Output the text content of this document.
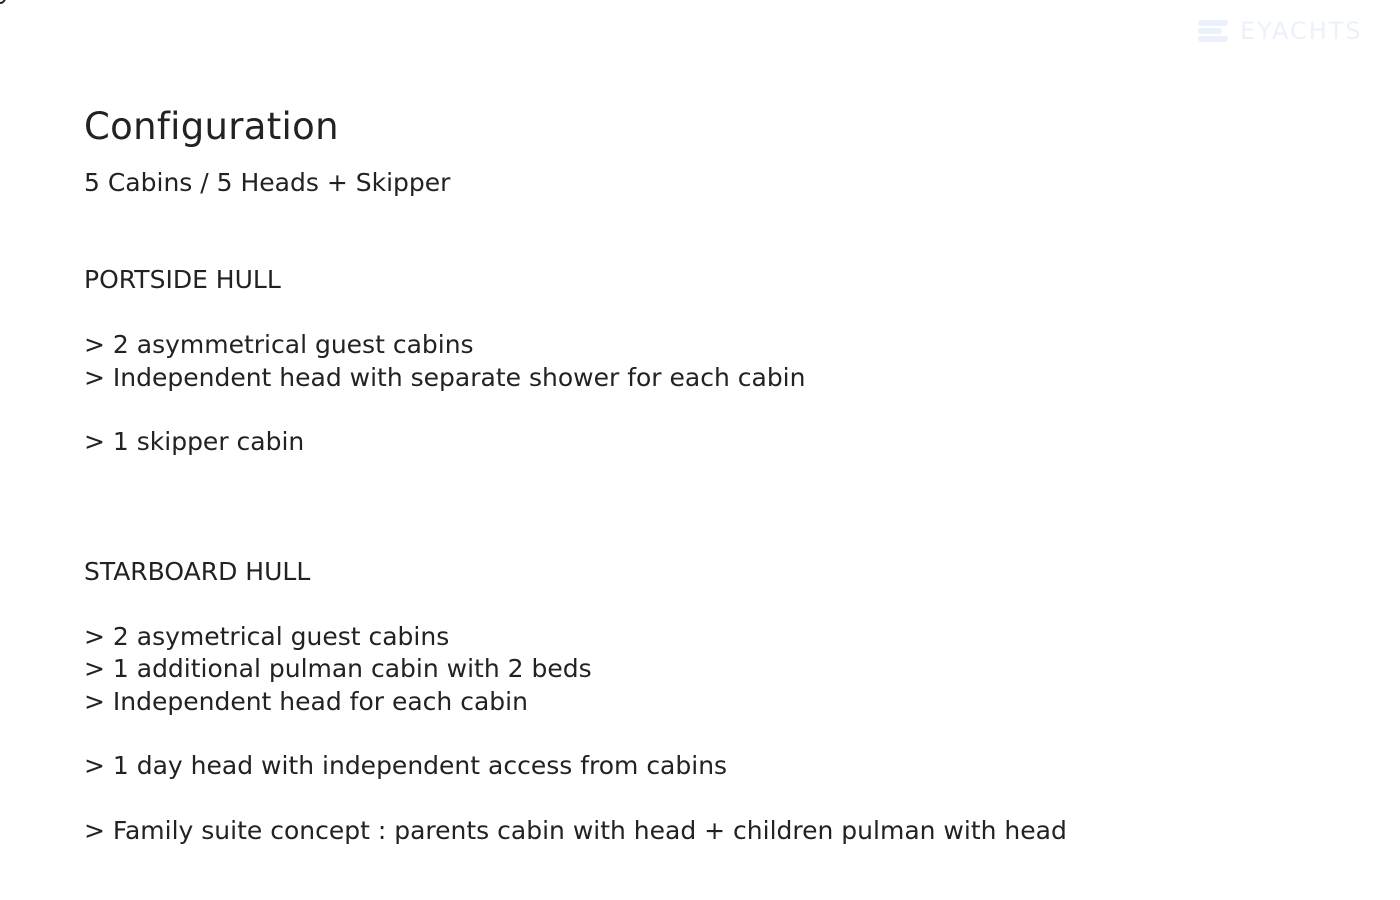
EYACHTS
Configuration

5 Cabins / 5 Heads + Skipper

PORTSIDE HULL
> 2 asymmetrical guest cabins
> Independent head with separate shower for each cabin
> 1 skipper cabin
STARBOARD HULL
> 2 asymetrical guest cabins
> 1 additional pulman cabin with 2 beds
> Independent head for each cabin
> 1 day head with independent access from cabins
> Family suite concept : parents cabin with head + children pulman with head
